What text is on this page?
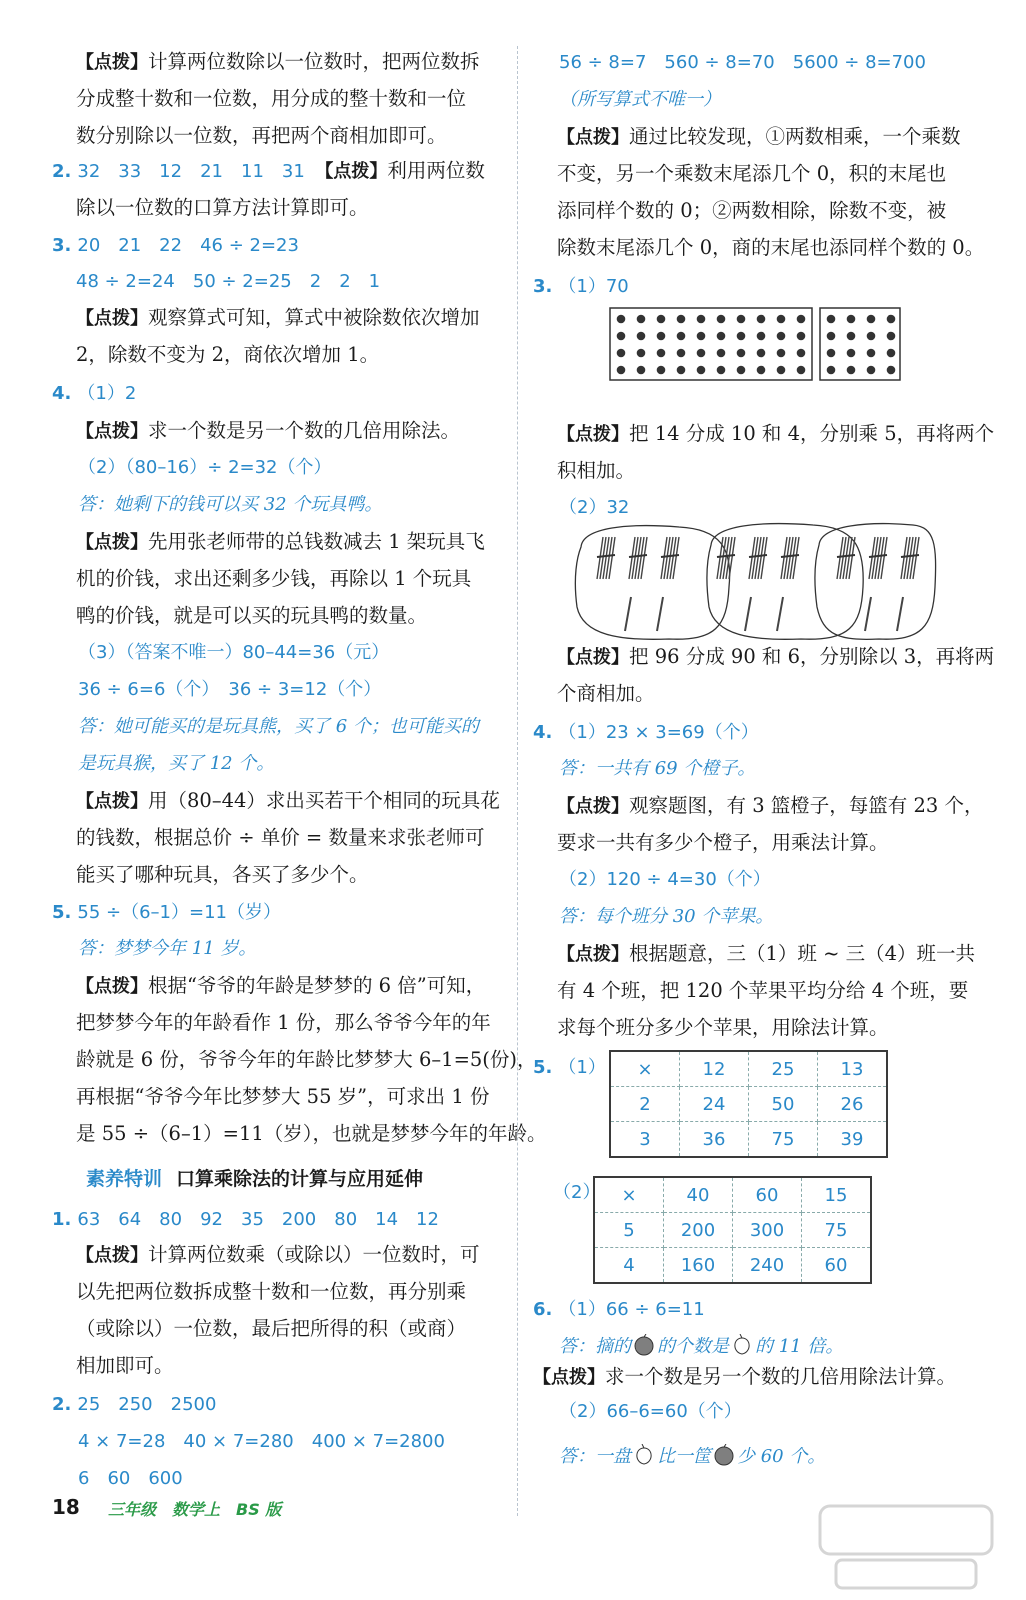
【点拨】计算两位数除以一位数时，把两位数拆
分成整十数和一位数，用分成的整十数和一位
数分别除以一位数，再把两个商相加即可。
2. 32　33　12　21　11　31　 【点拨】利用两位数
除以一位数的口算方法计算即可。
3. 20　21　22　46 ÷ 2=23
48 ÷ 2=24　50 ÷ 2=25　2　2　1
【点拨】观察算式可知，算式中被除数依次增加
2，除数不变为 2，商依次增加 1。
4. （1）2
【点拨】求一个数是另一个数的几倍用除法。
（2）（80–16）÷ 2=32（个）
答：她剩下的钱可以买 32 个玩具鸭。
【点拨】先用张老师带的总钱数减去 1 架玩具飞
机的价钱，求出还剩多少钱，再除以 1 个玩具
鸭的价钱，就是可以买的玩具鸭的数量。
（3）（答案不唯一）80–44=36（元）
36 ÷ 6=6（个）　36 ÷ 3=12（个）
答：她可能买的是玩具熊，买了 6 个；也可能买的
是玩具猴，买了 12 个。
【点拨】用（80–44）求出买若干个相同的玩具花
的钱数，根据总价 ÷ 单价 = 数量来求张老师可
能买了哪种玩具，各买了多少个。
5. 55 ÷（6–1）=11（岁）
答：梦梦今年 11 岁。
【点拨】根据“爷爷的年龄是梦梦的 6 倍”可知，
把梦梦今年的年龄看作 1 份，那么爷爷今年的年
龄就是 6 份，爷爷今年的年龄比梦梦大 6–1=5(份)，
再根据“爷爷今年比梦梦大 55 岁”，可求出 1 份
是 55 ÷（6–1）=11（岁），也就是梦梦今年的年龄。
素养特训 口算乘除法的计算与应用延伸
1. 63　64　80　92　35　200　80　14　12
【点拨】计算两位数乘（或除以）一位数时，可
以先把两位数拆成整十数和一位数，再分别乘
（或除以）一位数，最后把所得的积（或商）
相加即可。
2. 25　250　2500
4 × 7=28　40 × 7=280　400 × 7=2800
6　60　600
56 ÷ 8=7　560 ÷ 8=70　5600 ÷ 8=700
（所写算式不唯一）
【点拨】通过比较发现，①两数相乘，一个乘数
不变，另一个乘数末尾添几个 0，积的末尾也
添同样个数的 0；②两数相除，除数不变，被
除数末尾添几个 0，商的末尾也添同样个数的 0。
3. （1）70
【点拨】把 14 分成 10 和 4，分别乘 5，再将两个
积相加。
（2）32
【点拨】把 96 分成 90 和 6，分别除以 3，再将两
个商相加。
4. （1）23 × 3=69（个）
答：一共有 69 个橙子。
【点拨】观察题图，有 3 篮橙子，每篮有 23 个，
要求一共有多少个橙子，用乘法计算。
（2）120 ÷ 4=30（个）
答：每个班分 30 个苹果。
【点拨】根据题意，三（1）班 ~ 三（4）班一共
有 4 个班，把 120 个苹果平均分给 4 个班，要
求每个班分多少个苹果，用除法计算。
5. （1） ×	12	25	13
2	24	50	26
3	36	75	39
（2） ×	40	60	15
5	200	300	75
4	160	240	60
6. （1）66 ÷ 6=11
答：摘的 的个数是 的 11 倍。
【点拨】求一个数是另一个数的几倍用除法计算。
（2）66–6=60（个）
答：一盘 比一筐 少 60 个。
18 三年级　数学上　BS 版
